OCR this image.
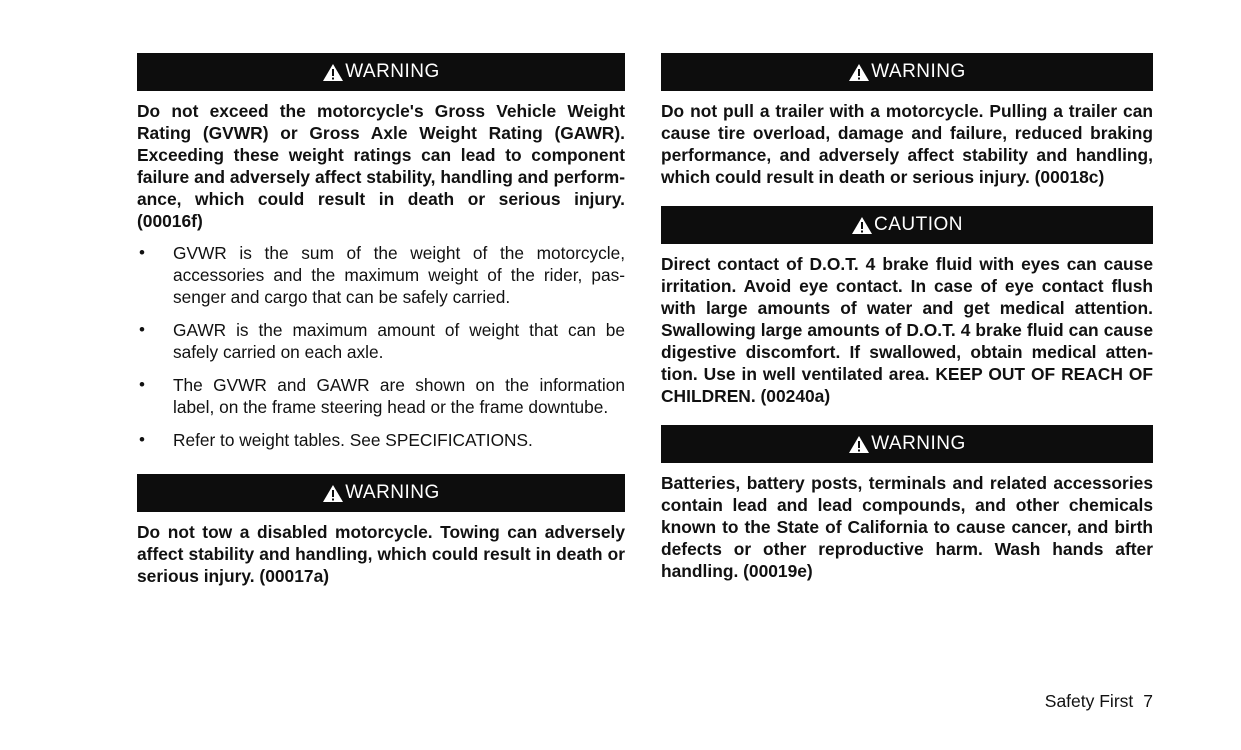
WARNING

Do not exceed the motorcycle's Gross Vehicle Weight Rating (GVWR) or Gross Axle Weight Rating (GAWR). Exceeding these weight ratings can lead to component failure and adversely affect stability, handling and perform-ance, which could result in death or serious injury. (00016f)

• GVWR is the sum of the weight of the motorcycle, accessories and the maximum weight of the rider, pas-senger and cargo that can be safely carried.
• GAWR is the maximum amount of weight that can be safely carried on each axle.
• The GVWR and GAWR are shown on the information label, on the frame steering head or the frame downtube.
• Refer to weight tables. See SPECIFICATIONS.
WARNING

Do not tow a disabled motorcycle. Towing can adversely affect stability and handling, which could result in death or serious injury. (00017a)

WARNING

Do not pull a trailer with a motorcycle. Pulling a trailer can cause tire overload, damage and failure, reduced braking performance, and adversely affect stability and handling, which could result in death or serious injury. (00018c)

CAUTION

Direct contact of D.O.T. 4 brake fluid with eyes can cause irritation. Avoid eye contact. In case of eye contact flush with large amounts of water and get medical attention. Swallowing large amounts of D.O.T. 4 brake fluid can cause digestive discomfort. If swallowed, obtain medical atten-tion. Use in well ventilated area. KEEP OUT OF REACH OF CHILDREN. (00240a)

WARNING

Batteries, battery posts, terminals and related accessories contain lead and lead compounds, and other chemicals known to the State of California to cause cancer, and birth defects or other reproductive harm. Wash hands after handling. (00019e)

Safety First 7
